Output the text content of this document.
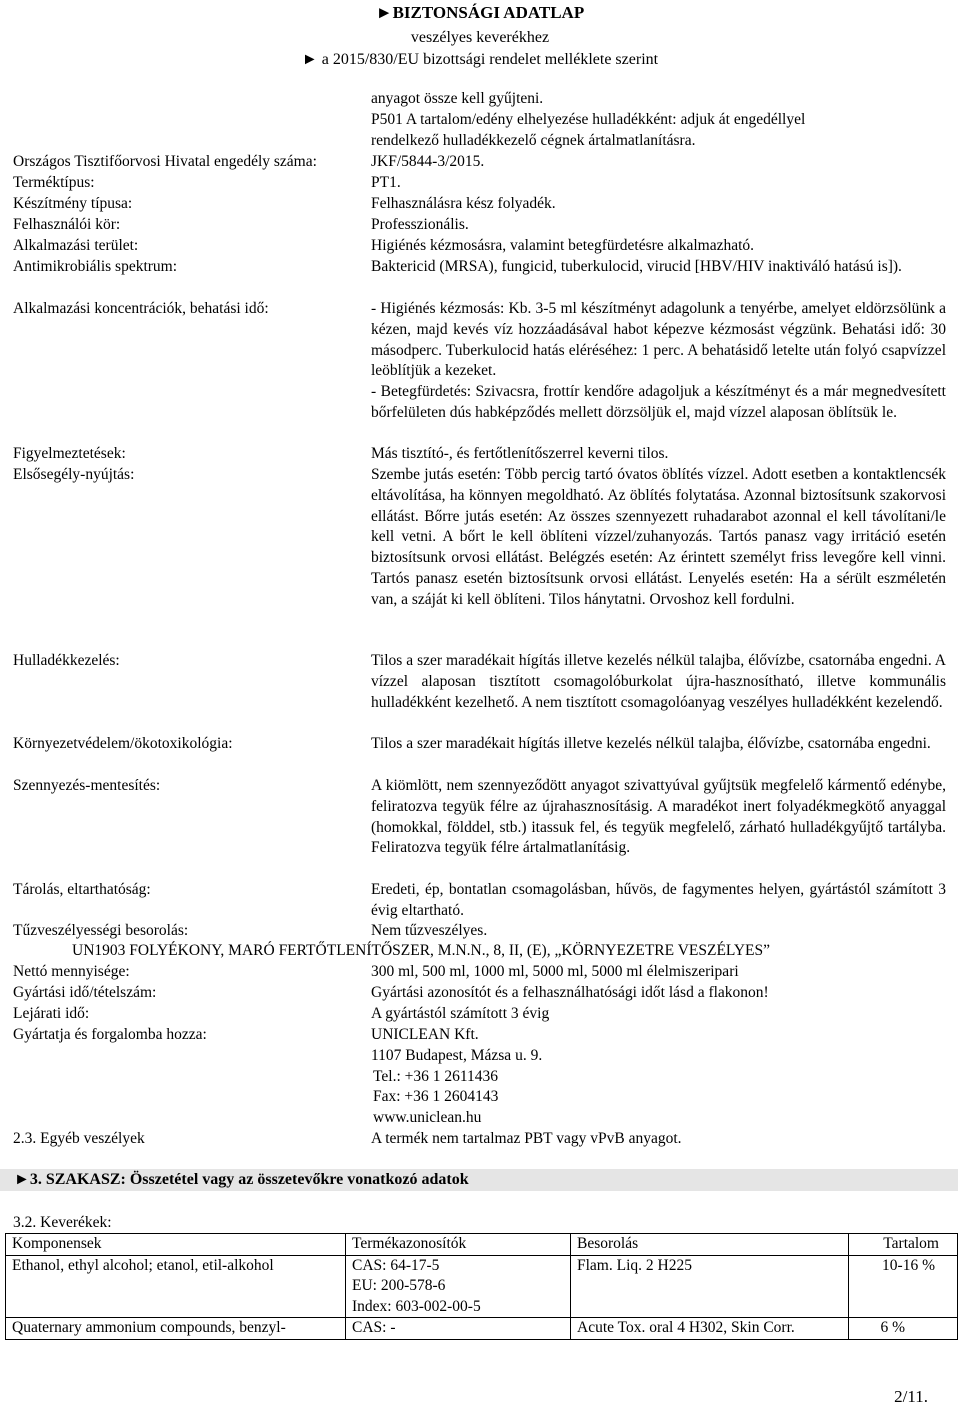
►BIZTONSÁGI ADATLAP
veszélyes keverékhez
► a 2015/830/EU bizottsági rendelet melléklete szerint
anyagot össze kell gyűjteni.
P501 A tartalom/edény elhelyezése hulladékként: adjuk át engedéllyel
rendelkező hulladékkezelő cégnek ártalmatlanításra.
Országos Tisztifőorvosi Hivatal engedély száma:	JKF/5844-3/2015.
Terméktípus:	PT1.
Készítmény típusa:	Felhasználásra kész folyadék.
Felhasználói kör:	Professzionális.
Alkalmazási terület:	Higiénés kézmosásra, valamint betegfürdetésre alkalmazható.
Antimikrobiális spektrum:	Baktericid (MRSA), fungicid, tuberkulocid, virucid [HBV/HIV inaktiváló hatású is]).
Alkalmazási koncentrációk, behatási idő:	- Higiénés kézmosás: Kb. 3-5 ml készítményt adagolunk a tenyérbe, amelyet eldörzsölünk a kézen, majd kevés víz hozzáadásával habot képezve kézmosást végzünk. Behatási idő: 30 másodperc. Tuberkulocid hatás eléréséhez: 1 perc. A behatásidő letelte után folyó csapvízzel leöblítjük a kezeket.
- Betegfürdetés: Szivacsra, frottír kendőre adagoljuk a készítményt és a már megnedvesített bőrfelületen dús habképződés mellett dörzsöljük el, majd vízzel alaposan öblítsük le.
Figyelmeztetések:	Más tisztító-, és fertőtlenítőszerrel keverni tilos.
Elsősegély-nyújtás:	Szembe jutás esetén: Több percig tartó óvatos öblítés vízzel. Adott esetben a kontaktlencsék eltávolítása, ha könnyen megoldható. Az öblítés folytatása. Azonnal biztosítsunk szakorvosi ellátást. Bőrre jutás esetén: Az összes szennyezett ruhadarabot azonnal el kell távolítani/le kell vetni. A bőrt le kell öblíteni vízzel/zuhanyozás. Tartós panasz vagy irritáció esetén biztosítsunk orvosi ellátást. Belégzés esetén: Az érintett személyt friss levegőre kell vinni. Tartós panasz esetén biztosítsunk orvosi ellátást. Lenyelés esetén: Ha a sérült eszméletén van, a száját ki kell öblíteni. Tilos hánytatni. Orvoshoz kell fordulni.
Hulladékkezelés:	Tilos a szer maradékait hígítás illetve kezelés nélkül talajba, élővízbe, csatornába engedni. A vízzel alaposan tisztított csomagolóburkolat újra-hasznosítható, illetve kommunális hulladékként kezelhető. A nem tisztított csomagolóanyag veszélyes hulladékként kezelendő.
Környezetvédelem/ökotoxikológia:	Tilos a szer maradékait hígítás illetve kezelés nélkül talajba, élővízbe, csatornába engedni.
Szennyezés-mentesítés:	A kiömlött, nem szennyeződött anyagot szivattyúval gyűjtsük megfelelő kármentő edénybe, feliratozva tegyük félre az újrahasznosításig. A maradékot inert folyadékmegkötő anyaggal (homokkal, földdel, stb.) itassuk fel, és tegyük megfelelő, zárható hulladékgyűjtő tartályba. Feliratozva tegyük félre ártalmatlanításig.
Tárolás, eltarthatóság:	Eredeti, ép, bontatlan csomagolásban, hűvös, de fagymentes helyen, gyártástól számított 3 évig eltartható.
Tűzveszélyességi besorolás:	Nem tűzveszélyes.
UN1903 FOLYÉKONY, MARÓ FERTŐTLENÍTŐSZER, M.N.N., 8, II, (E), „KÖRNYEZETRE VESZÉLYES”
Nettó mennyisége:	300 ml, 500 ml, 1000 ml, 5000 ml, 5000 ml élelmiszeripari
Gyártási idő/tételszám:	Gyártási azonosítót és a felhasználhatósági időt lásd a flakonon!
Lejárati idő:	A gyártástól számított 3 évig
Gyártatja és forgalomba hozza:	UNICLEAN Kft.
1107 Budapest, Mázsa u. 9.
Tel.: +36 1 2611436
Fax: +36 1 2604143
www.uniclean.hu
2.3. Egyéb veszélyek	A termék nem tartalmaz PBT vagy vPvB anyagot.
►3. SZAKASZ: Összetétel vagy az összetevőkre vonatkozó adatok
3.2. Keverékek:
Komponensek	Termékazonosítók	Besorolás	Tartalom
Ethanol, ethyl alcohol; etanol, etil-alkohol	CAS: 64-17-5
EU: 200-578-6
Index: 603-002-00-5	Flam. Liq. 2 H225	10-16 %
Quaternary ammonium compounds, benzyl-	CAS: -	Acute Tox. oral 4 H302, Skin Corr.	6 %
2/11.
